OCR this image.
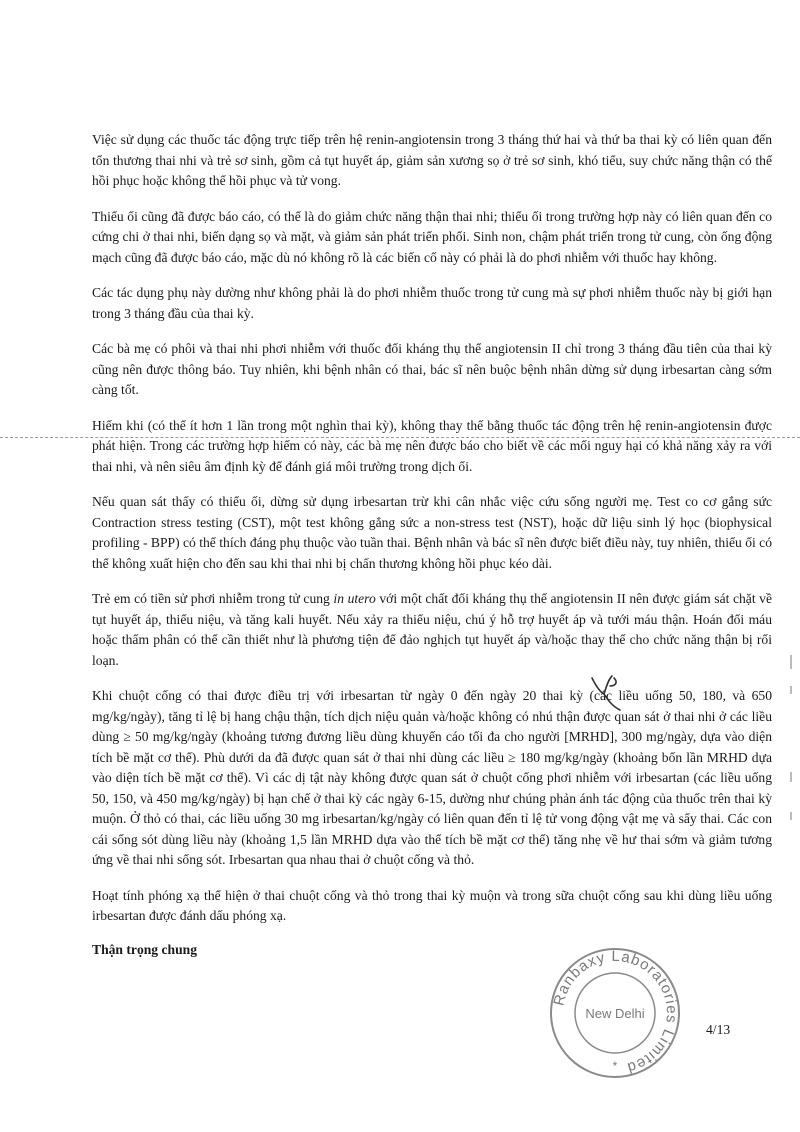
Việc sử dụng các thuốc tác động trực tiếp trên hệ renin-angiotensin trong 3 tháng thứ hai và thứ ba thai kỳ có liên quan đến tổn thương thai nhi và trẻ sơ sinh, gồm cả tụt huyết áp, giảm sản xương sọ ở trẻ sơ sinh, khó tiểu, suy chức năng thận có thể hồi phục hoặc không thể hồi phục và tử vong.

Thiểu ối cũng đã được báo cáo, có thể là do giảm chức năng thận thai nhi; thiểu ối trong trường hợp này có liên quan đến co cứng chi ở thai nhi, biến dạng sọ và mặt, và giảm sản phát triển phổi. Sinh non, chậm phát triển trong tử cung, còn ống động mạch cũng đã được báo cáo, mặc dù nó không rõ là các biến cố này có phải là do phơi nhiễm với thuốc hay không.

Các tác dụng phụ này dường như không phải là do phơi nhiễm thuốc trong tử cung mà sự phơi nhiễm thuốc này bị giới hạn trong 3 tháng đầu của thai kỳ.

Các bà mẹ có phôi và thai nhi phơi nhiễm với thuốc đối kháng thụ thể angiotensin II chỉ trong 3 tháng đầu tiên của thai kỳ cũng nên được thông báo. Tuy nhiên, khi bệnh nhân có thai, bác sĩ nên buộc bệnh nhân dừng sử dụng irbesartan càng sớm càng tốt.

Hiếm khi (có thể ít hơn 1 lần trong một nghìn thai kỳ), không thay thế bằng thuốc tác động trên hệ renin-angiotensin được phát hiện. Trong các trường hợp hiếm có này, các bà mẹ nên được báo cho biết về các mối nguy hại có khả năng xảy ra với thai nhi, và nên siêu âm định kỳ để đánh giá môi trường trong dịch ối.

Nếu quan sát thấy có thiểu ối, dừng sử dụng irbesartan trừ khi cân nhắc việc cứu sống người mẹ. Test co cơ gắng sức Contraction stress testing (CST), một test không gắng sức a non-stress test (NST), hoặc dữ liệu sinh lý học (biophysical profiling - BPP) có thể thích đáng phụ thuộc vào tuần thai. Bệnh nhân và bác sĩ nên được biết điều này, tuy nhiên, thiểu ối có thể không xuất hiện cho đến sau khi thai nhi bị chấn thương không hồi phục kéo dài.

Trẻ em có tiền sử phơi nhiễm trong tử cung in utero với một chất đối kháng thụ thể angiotensin II nên được giám sát chặt về tụt huyết áp, thiểu niệu, và tăng kali huyết. Nếu xảy ra thiểu niệu, chú ý hỗ trợ huyết áp và tưới máu thận. Hoán đổi máu hoặc thẩm phân có thể cần thiết như là phương tiện để đảo nghịch tụt huyết áp và/hoặc thay thế cho chức năng thận bị rối loạn.

Khi chuột cống có thai được điều trị với irbesartan từ ngày 0 đến ngày 20 thai kỳ (các liều uống 50, 180, và 650 mg/kg/ngày), tăng tỉ lệ bị hang chậu thận, tích dịch niệu quản và/hoặc không có nhú thận được quan sát ở thai nhi ở các liều dùng ≥ 50 mg/kg/ngày (khoảng tương đương liều dùng khuyến cáo tối đa cho người [MRHD], 300 mg/ngày, dựa vào diện tích bề mặt cơ thể). Phù dưới da đã được quan sát ở thai nhi dùng các liều ≥ 180 mg/kg/ngày (khoảng bốn lần MRHD dựa vào diện tích bề mặt cơ thể). Vì các dị tật này không được quan sát ở chuột cống phơi nhiễm với irbesartan (các liều uống 50, 150, và 450 mg/kg/ngày) bị hạn chế ở thai kỳ các ngày 6-15, dường như chúng phản ánh tác động của thuốc trên thai kỳ muộn. Ở thỏ có thai, các liều uống 30 mg irbesartan/kg/ngày có liên quan đến tỉ lệ tử vong động vật mẹ và sẩy thai. Các con cái sống sót dùng liều này (khoảng 1,5 lần MRHD dựa vào thể tích bề mặt cơ thể) tăng nhẹ về hư thai sớm và giảm tương ứng về thai nhi sống sót. Irbesartan qua nhau thai ở chuột cống và thỏ.

Hoạt tính phóng xạ thể hiện ở thai chuột cống và thỏ trong thai kỳ muộn và trong sữa chuột cống sau khi dùng liều uống irbesartan được đánh dấu phóng xạ.

Thận trọng chung
Ranbaxy Laboratories Limited
New Delhi
*
4/13
